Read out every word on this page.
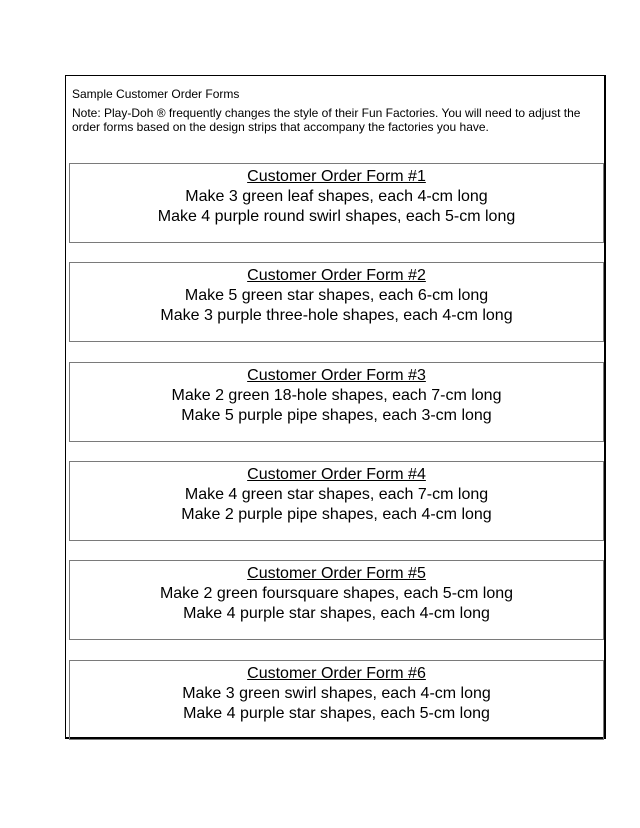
Sample Customer Order Forms
Note: Play-Doh ® frequently changes the style of their Fun Factories. You will need to adjust the order forms based on the design strips that accompany the factories you have.
Customer Order Form #1
Make 3 green leaf shapes, each 4-cm long
Make 4 purple round swirl shapes, each 5-cm long
Customer Order Form #2
Make 5 green star shapes, each 6-cm long
Make 3 purple three-hole shapes, each 4-cm long
Customer Order Form #3
Make 2 green 18-hole shapes, each 7-cm long
Make 5 purple pipe shapes, each 3-cm long
Customer Order Form #4
Make 4 green star shapes, each 7-cm long
Make 2 purple pipe shapes, each 4-cm long
Customer Order Form #5
Make 2 green foursquare shapes, each 5-cm long
Make 4 purple star shapes, each 4-cm long
Customer Order Form #6
Make 3 green swirl shapes, each 4-cm long
Make 4 purple star shapes, each 5-cm long
